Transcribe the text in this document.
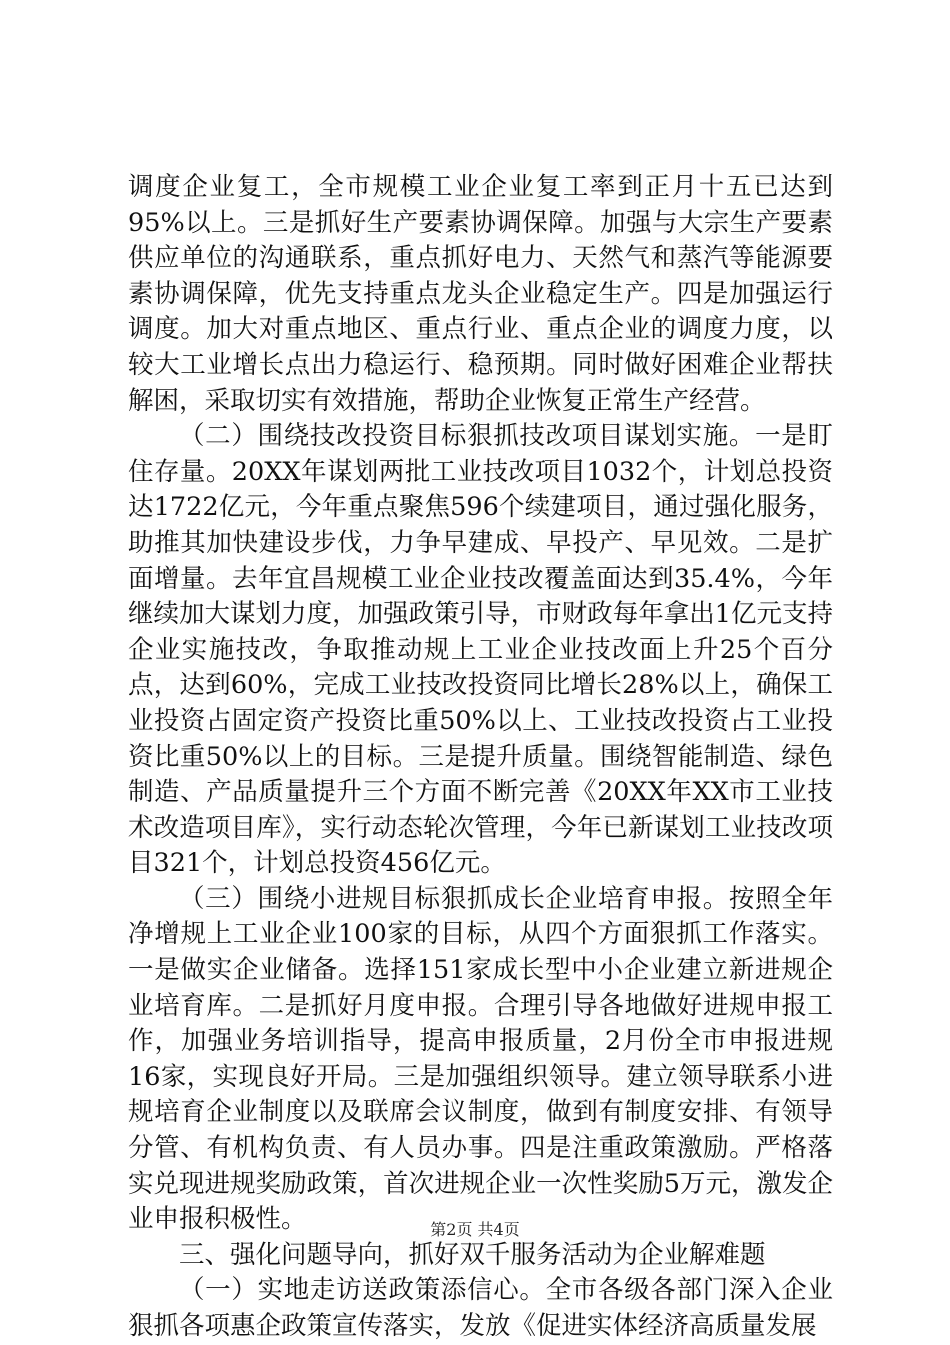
调度企业复工，全市规模工业企业复工率到正月十五已达到95%以上。三是抓好生产要素协调保障。加强与大宗生产要素供应单位的沟通联系，重点抓好电力、天然气和蒸汽等能源要素协调保障，优先支持重点龙头企业稳定生产。四是加强运行调度。加大对重点地区、重点行业、重点企业的调度力度，以较大工业增长点出力稳运行、稳预期。同时做好困难企业帮扶解困，采取切实有效措施，帮助企业恢复正常生产经营。

（二）围绕技改投资目标狠抓技改项目谋划实施。一是盯住存量。20XX年谋划两批工业技改项目1032个，计划总投资达1722亿元，今年重点聚焦596个续建项目，通过强化服务，助推其加快建设步伐，力争早建成、早投产、早见效。二是扩面增量。去年宜昌规模工业企业技改覆盖面达到35.4%，今年继续加大谋划力度，加强政策引导，市财政每年拿出1亿元支持企业实施技改，争取推动规上工业企业技改面上升25个百分点，达到60%，完成工业技改投资同比增长28%以上，确保工业投资占固定资产投资比重50%以上、工业技改投资占工业投资比重50%以上的目标。三是提升质量。围绕智能制造、绿色制造、产品质量提升三个方面不断完善《20XX年XX市工业技术改造项目库》，实行动态轮次管理，今年已新谋划工业技改项目321个，计划总投资456亿元。

（三）围绕小进规目标狠抓成长企业培育申报。按照全年净增规上工业企业100家的目标，从四个方面狠抓工作落实。一是做实企业储备。选择151家成长型中小企业建立新进规企业培育库。二是抓好月度申报。合理引导各地做好进规申报工作，加强业务培训指导，提高申报质量，2月份全市申报进规16家，实现良好开局。三是加强组织领导。建立领导联系小进规培育企业制度以及联席会议制度，做到有制度安排、有领导分管、有机构负责、有人员办事。四是注重政策激励。严格落实兑现进规奖励政策，首次进规企业一次性奖励5万元，激发企业申报积极性。

三、强化问题导向，抓好双千服务活动为企业解难题

（一）实地走访送政策添信心。全市各级各部门深入企业狠抓各项惠企政策宣传落实，发放《促进实体经济高质量发展

第2页 共4页
